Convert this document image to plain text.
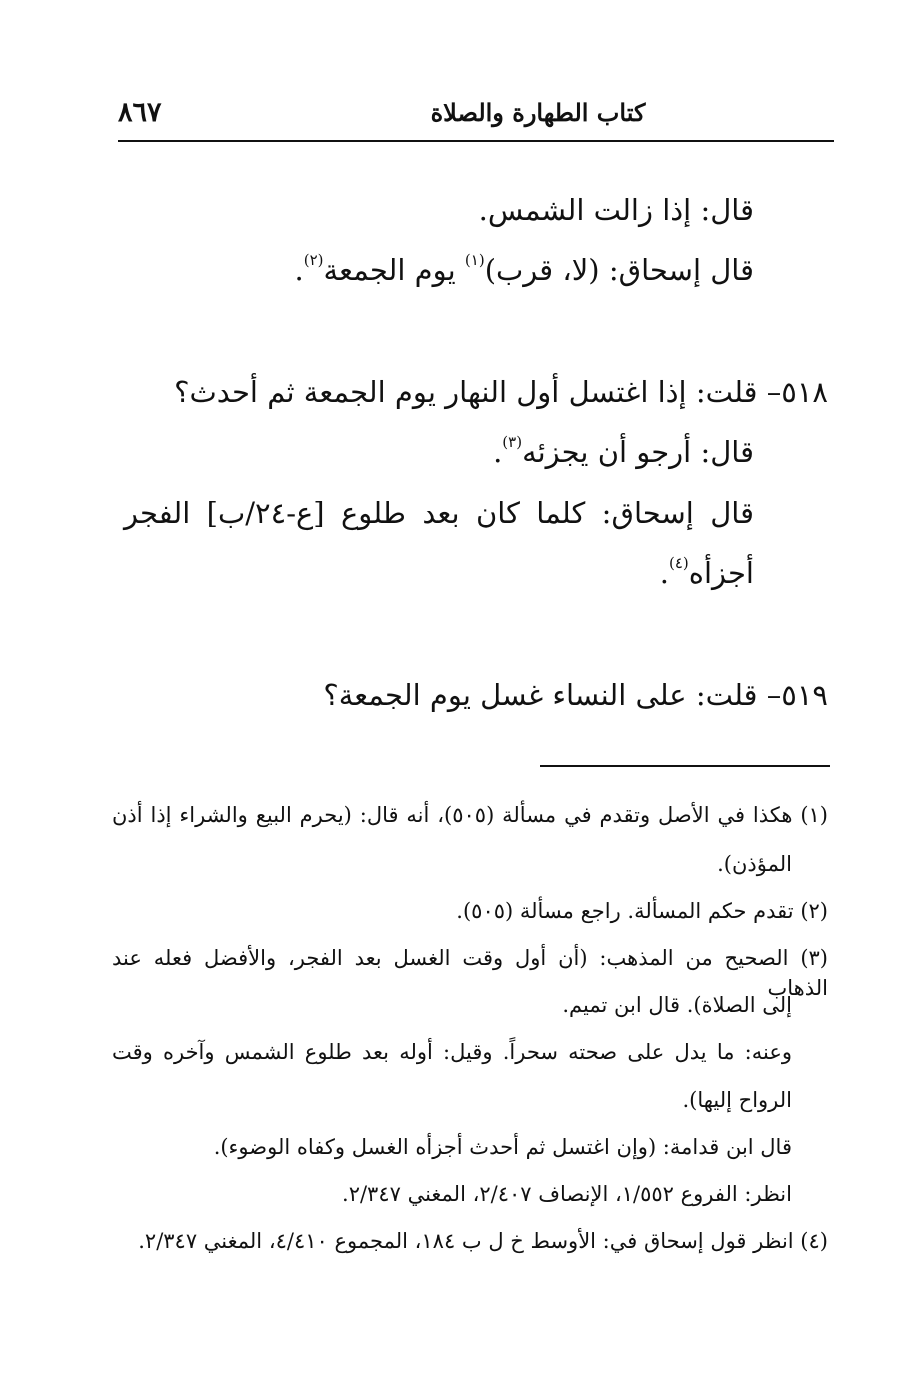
٨٦٧	كتاب الطهارة والصلاة
قال: إذا زالت الشمس.
قال إسحاق: (لا، قرب)$^{(١)}$ يوم الجمعة$^{(٢)}$.
٥١٨– قلت: إذا اغتسل أول النهار يوم الجمعة ثم أحدث؟
قال: أرجو أن يجزئه$^{(٣)}$.
قال إسحاق: كلما كان بعد طلوع [ع-٢٤/ب] الفجر
أجزأه$^{(٤)}$.
٥١٩– قلت: على النساء غسل يوم الجمعة؟
(١) هكذا في الأصل وتقدم في مسألة (٥٠٥)، أنه قال: (يحرم البيع والشراء إذا أذن
المؤذن).
(٢) تقدم حكم المسألة. راجع مسألة (٥٠٥).
(٣) الصحيح من المذهب: (أن أول وقت الغسل بعد الفجر، والأفضل فعله عند الذهاب
إلى الصلاة). قال ابن تميم.
وعنه: ما يدل على صحته سحراً. وقيل: أوله بعد طلوع الشمس وآخره وقت
الرواح إليها).
قال ابن قدامة: (وإن اغتسل ثم أحدث أجزأه الغسل وكفاه الوضوء).
انظر: الفروع ١/٥٥٢، الإنصاف ٢/٤٠٧، المغني ٢/٣٤٧.
(٤) انظر قول إسحاق في: الأوسط خ ل ب ١٨٤، المجموع ٤/٤١٠، المغني ٢/٣٤٧.
